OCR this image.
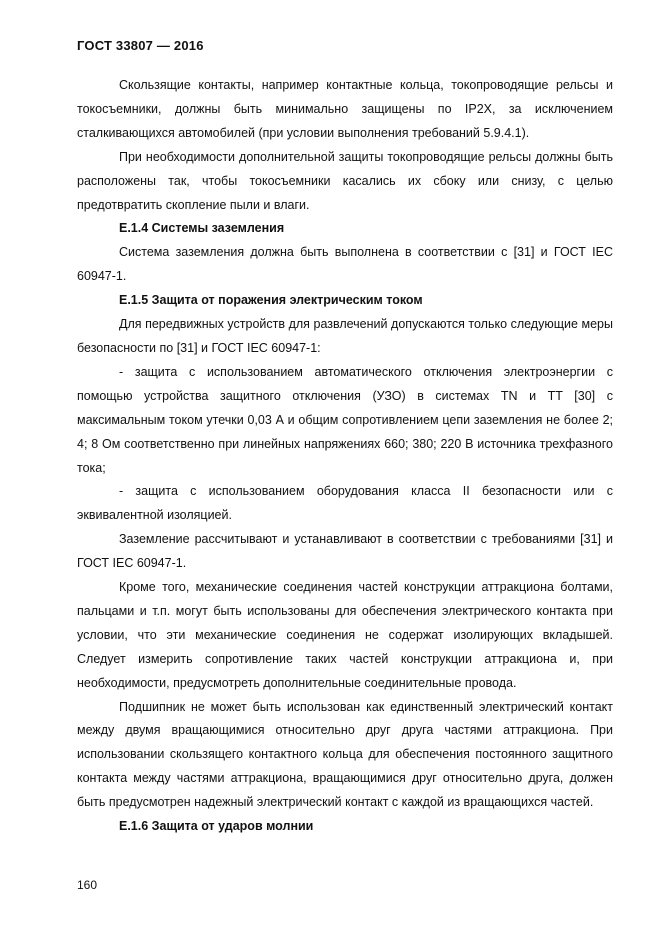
ГОСТ 33807 — 2016

Скользящие контакты, например контактные кольца, токопроводящие рельсы и токосъемники, должны быть минимально защищены по IP2X, за исключением сталкивающихся автомобилей (при условии выполнения требований 5.9.4.1).

При необходимости дополнительной защиты токопроводящие рельсы должны быть расположены так, чтобы токосъемники касались их сбоку или снизу, с целью предотвратить скопление пыли и влаги.

Е.1.4 Системы заземления

Система заземления должна быть выполнена в соответствии с [31] и ГОСТ IEC 60947-1.

Е.1.5 Защита от поражения электрическим током

Для передвижных устройств для развлечений допускаются только следующие меры безопасности по [31] и ГОСТ IEC 60947-1:

- защита с использованием автоматического отключения электроэнергии с помощью устройства защитного отключения (УЗО) в системах TN и TT [30] с максимальным током утечки 0,03 А и общим сопротивлением цепи заземления не более 2; 4; 8 Ом соответственно при линейных напряжениях 660; 380; 220 В источника трехфазного тока;

- защита с использованием оборудования класса II безопасности или с эквивалентной изоляцией.

Заземление рассчитывают и устанавливают в соответствии с требованиями [31] и ГОСТ IEC 60947-1.

Кроме того, механические соединения частей конструкции аттракциона болтами, пальцами и т.п. могут быть использованы для обеспечения электрического контакта при условии, что эти механические соединения не содержат изолирующих вкладышей. Следует измерить сопротивление таких частей конструкции аттракциона и, при необходимости, предусмотреть дополнительные соединительные провода.

Подшипник не может быть использован как единственный электрический контакт между двумя вращающимися относительно друг друга частями аттракциона. При использовании скользящего контактного кольца для обеспечения постоянного защитного контакта между частями аттракциона, вращающимися друг относительно друга, должен быть предусмотрен надежный электрический контакт с каждой из вращающихся частей.

Е.1.6 Защита от ударов молнии

160
